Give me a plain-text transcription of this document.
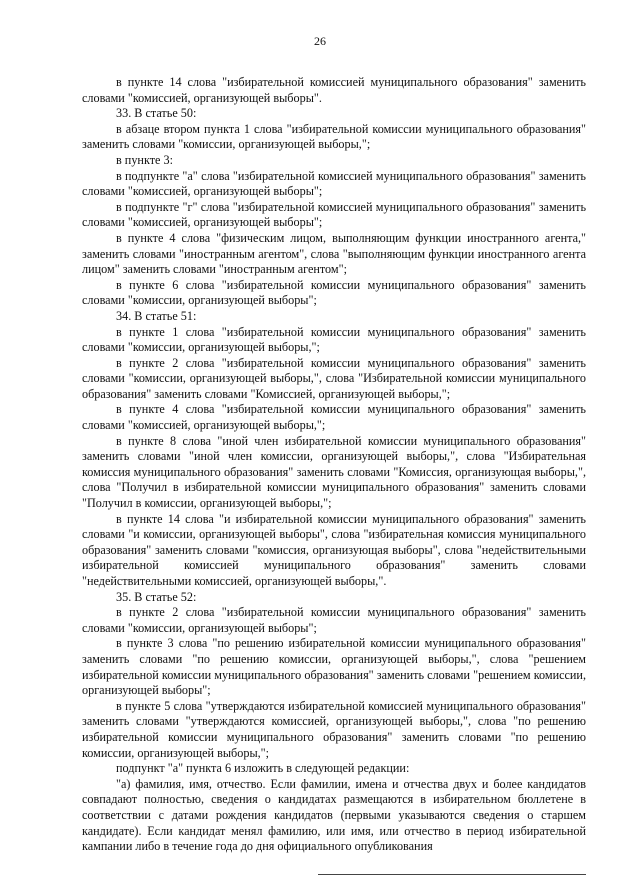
26

в пункте 14 слова "избирательной комиссией муниципального образования" заменить словами "комиссией, организующей выборы".

33. В статье 50:

в абзаце втором пункта 1 слова "избирательной комиссии муниципального образования" заменить словами "комиссии, организующей выборы,";

в пункте 3:

в подпункте "а" слова "избирательной комиссией муниципального образования" заменить словами "комиссией, организующей выборы";

в подпункте "г" слова "избирательной комиссией муниципального образования" заменить словами "комиссией, организующей выборы";

в пункте 4 слова "физическим лицом, выполняющим функции иностранного агента," заменить словами "иностранным агентом", слова "выполняющим функции иностранного агента лицом" заменить словами "иностранным агентом";

в пункте 6 слова "избирательной комиссии муниципального образования" заменить словами "комиссии, организующей выборы";

34. В статье 51:

в пункте 1 слова "избирательной комиссии муниципального образования" заменить словами "комиссии, организующей выборы,";

в пункте 2 слова "избирательной комиссии муниципального образования" заменить словами "комиссии, организующей выборы,", слова "Избирательной комиссии муниципального образования" заменить словами "Комиссией, организующей выборы,";

в пункте 4 слова "избирательной комиссии муниципального образования" заменить словами "комиссией, организующей выборы,";

в пункте 8 слова "иной член избирательной комиссии муниципального образования" заменить словами "иной член комиссии, организующей выборы,", слова "Избирательная комиссия муниципального образования" заменить словами "Комиссия, организующая выборы,", слова "Получил в избирательной комиссии муниципального образования" заменить словами "Получил в комиссии, организующей выборы,";

в пункте 14 слова "и избирательной комиссии муниципального образования" заменить словами "и комиссии, организующей выборы", слова "избирательная комиссия муниципального образования" заменить словами "комиссия, организующая выборы", слова "недействительными избирательной комиссией муниципального образования" заменить словами "недействительными комиссией, организующей выборы,".

35. В статье 52:

в пункте 2 слова "избирательной комиссии муниципального образования" заменить словами "комиссии, организующей выборы";

в пункте 3 слова "по решению избирательной комиссии муниципального образования" заменить словами "по решению комиссии, организующей выборы,", слова "решением избирательной комиссии муниципального образования" заменить словами "решением комиссии, организующей выборы";

в пункте 5 слова "утверждаются избирательной комиссией муниципального образования" заменить словами "утверждаются комиссией, организующей выборы,", слова "по решению избирательной комиссии муниципального образования" заменить словами "по решению комиссии, организующей выборы,";

подпункт "а" пункта 6 изложить в следующей редакции:

"а) фамилия, имя, отчество. Если фамилии, имена и отчества двух и более кандидатов совпадают полностью, сведения о кандидатах размещаются в избирательном бюллетене в соответствии с датами рождения кандидатов (первыми указываются сведения о старшем кандидате). Если кандидат менял фамилию, или имя, или отчество в период избирательной кампании либо в течение года до дня официального опубликования
